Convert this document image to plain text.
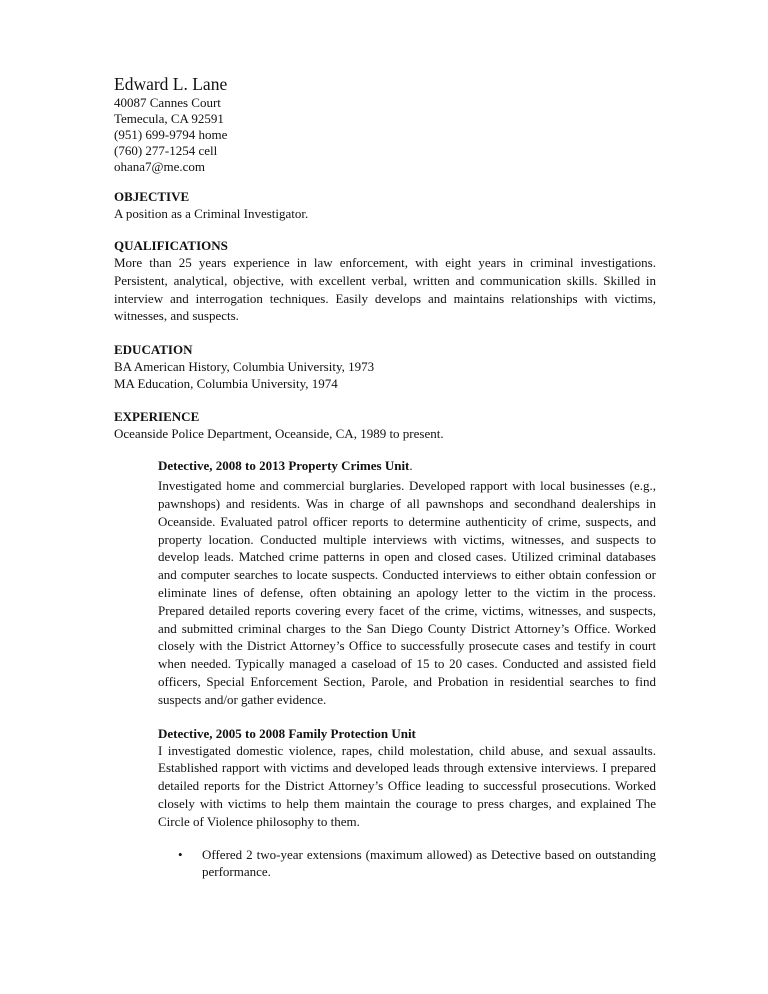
Edward L. Lane

40087 Cannes Court

Temecula, CA 92591

(951) 699-9794 home

(760) 277-1254 cell

ohana7@me.com

OBJECTIVE

A position as a Criminal Investigator.

QUALIFICATIONS

More than 25 years experience in law enforcement, with eight years in criminal investigations. Persistent, analytical, objective, with excellent verbal, written and communication skills. Skilled in interview and interrogation techniques. Easily develops and maintains relationships with victims, witnesses, and suspects.

EDUCATION

BA American History, Columbia University, 1973

MA Education, Columbia University, 1974

EXPERIENCE

Oceanside Police Department, Oceanside, CA, 1989 to present.

Detective, 2008 to 2013 Property Crimes Unit.

Investigated home and commercial burglaries. Developed rapport with local businesses (e.g., pawnshops) and residents. Was in charge of all pawnshops and secondhand dealerships in Oceanside. Evaluated patrol officer reports to determine authenticity of crime, suspects, and property location. Conducted multiple interviews with victims, witnesses, and suspects to develop leads. Matched crime patterns in open and closed cases. Utilized criminal databases and computer searches to locate suspects. Conducted interviews to either obtain confession or eliminate lines of defense, often obtaining an apology letter to the victim in the process. Prepared detailed reports covering every facet of the crime, victims, witnesses, and suspects, and submitted criminal charges to the San Diego County District Attorney’s Office. Worked closely with the District Attorney’s Office to successfully prosecute cases and testify in court when needed. Typically managed a caseload of 15 to 20 cases. Conducted and assisted field officers, Special Enforcement Section, Parole, and Probation in residential searches to find suspects and/or gather evidence.

Detective, 2005 to 2008 Family Protection Unit

I investigated domestic violence, rapes, child molestation, child abuse, and sexual assaults. Established rapport with victims and developed leads through extensive interviews. I prepared detailed reports for the District Attorney’s Office leading to successful prosecutions. Worked closely with victims to help them maintain the courage to press charges, and explained The Circle of Violence philosophy to them.

• Offered 2 two-year extensions (maximum allowed) as Detective based on outstanding performance.
